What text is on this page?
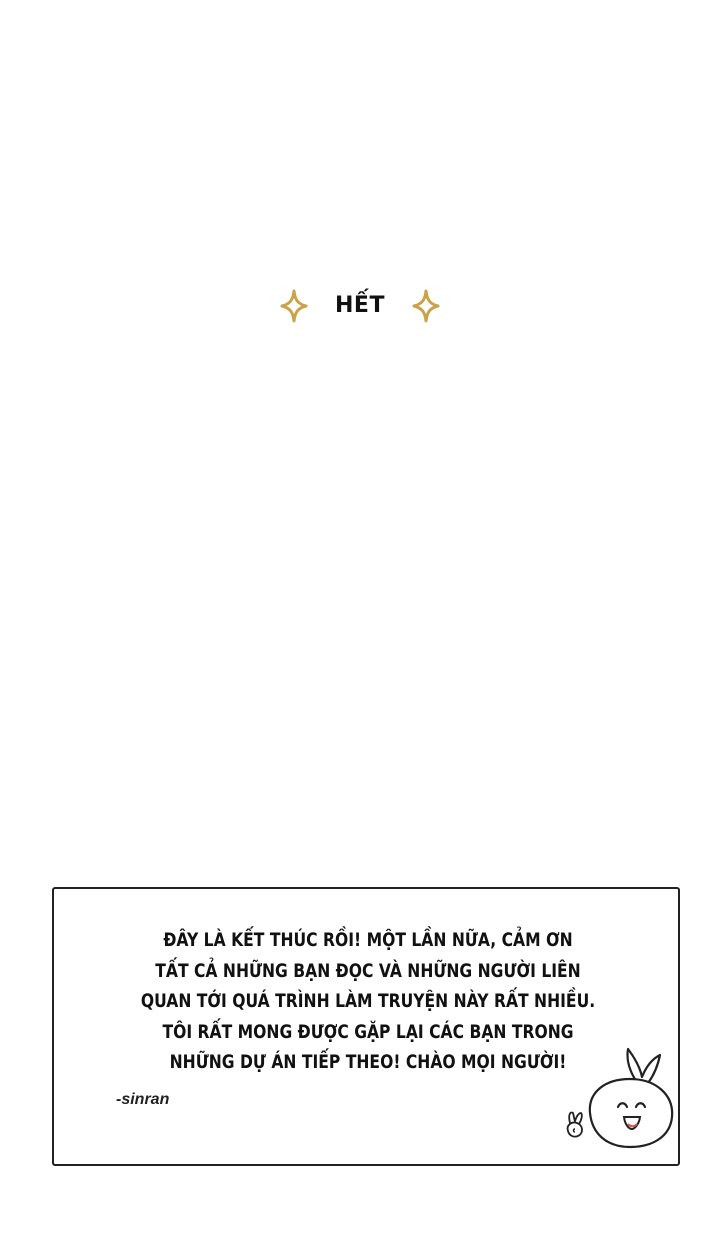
HẾT
ĐÂY LÀ KẾT THÚC RỒI! MỘT LẦN NỮA, CẢM ƠN
TẤT CẢ NHỮNG BẠN ĐỌC VÀ NHỮNG NGƯỜI LIÊN
QUAN TỚI QUÁ TRÌNH LÀM TRUYỆN NÀY RẤT NHIỀU.
TÔI RẤT MONG ĐƯỢC GẶP LẠI CÁC BẠN TRONG
NHỮNG DỰ ÁN TIẾP THEO! CHÀO MỌI NGƯỜI!
-sinran
